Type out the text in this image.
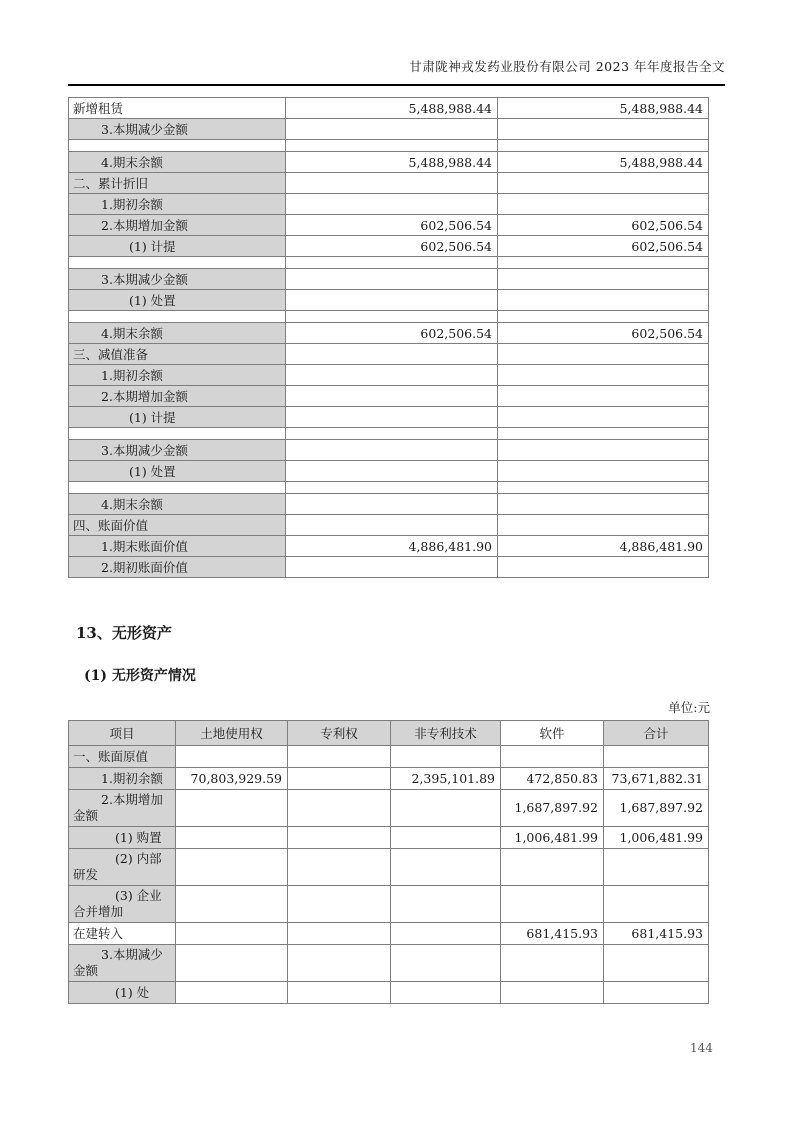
甘肃陇神戎发药业股份有限公司 2023 年年度报告全文
新增租赁	5,488,988.44	5,488,988.44
3.本期减少金额		

4.期末余额	5,488,988.44	5,488,988.44
二、累计折旧		
1.期初余额		
2.本期增加金额	602,506.54	602,506.54
(1) 计提	602,506.54	602,506.54

3.本期减少金额		
(1) 处置		

4.期末余额	602,506.54	602,506.54
三、减值准备		
1.期初余额		
2.本期增加金额		
(1) 计提		

3.本期减少金额		
(1) 处置		

4.期末余额		
四、账面价值		
1.期末账面价值	4,886,481.90	4,886,481.90
2.期初账面价值		
13、无形资产
(1) 无形资产情况
单位:元
项目	土地使用权	专利权	非专利技术	软件	合计
一、账面原值					
1.期初余额	70,803,929.59		2,395,101.89	472,850.83	73,671,882.31
2.本期增加金额				1,687,897.92	1,687,897.92
(1) 购置				1,006,481.99	1,006,481.99
(2) 内部研发					
(3) 企业合并增加					
在建转入				681,415.93	681,415.93
3.本期减少金额					
(1) 处					
144
